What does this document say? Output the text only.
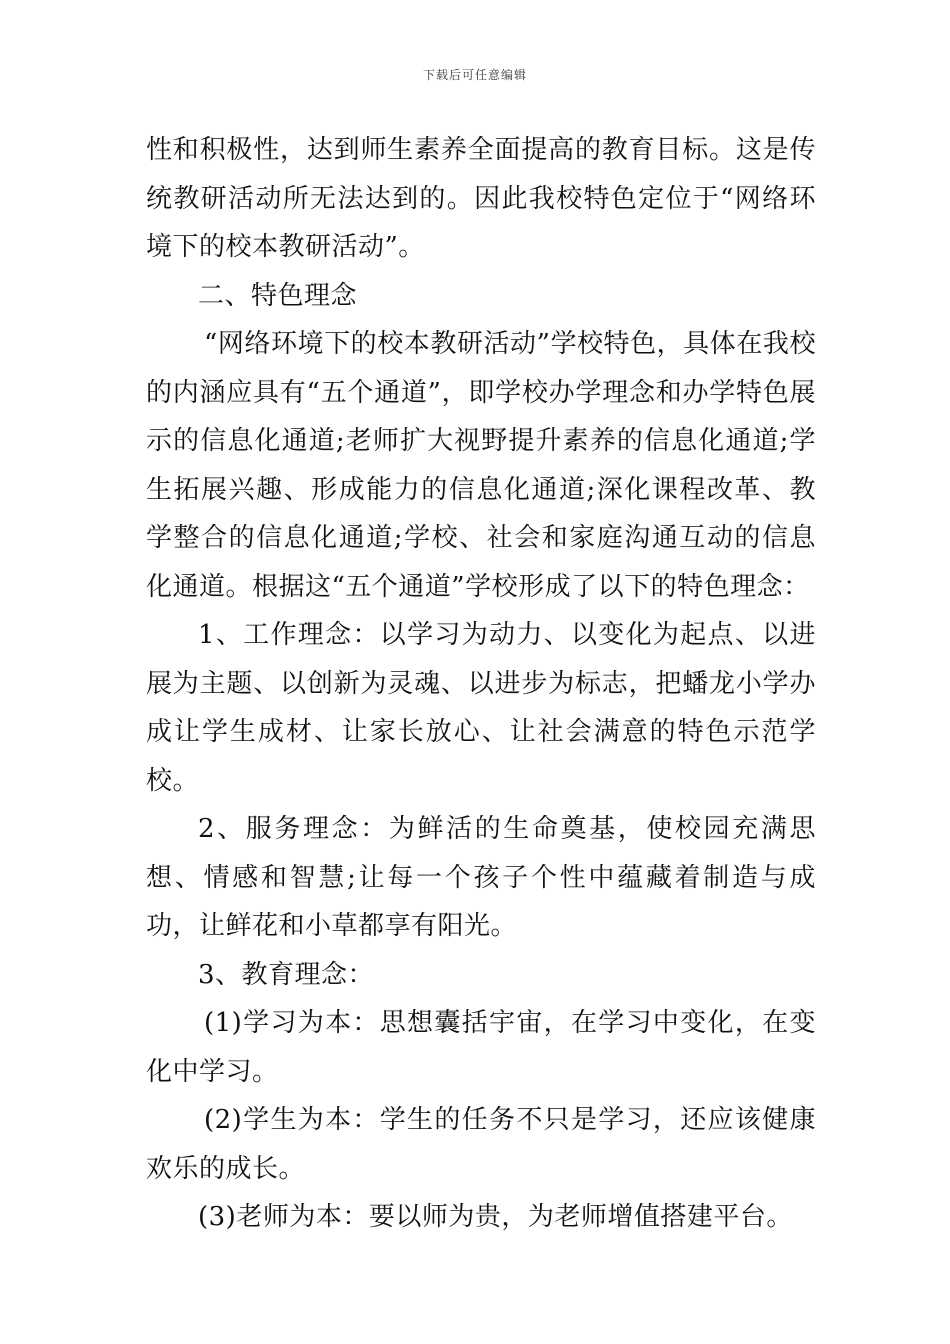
下载后可任意编辑

性和积极性，达到师生素养全面提高的教育目标。这是传统教研活动所无法达到的。因此我校特色定位于“网络环境下的校本教研活动”。

二、特色理念

“网络环境下的校本教研活动”学校特色，具体在我校的内涵应具有“五个通道”，即学校办学理念和办学特色展示的信息化通道;老师扩大视野提升素养的信息化通道;学生拓展兴趣、形成能力的信息化通道;深化课程改革、教学整合的信息化通道;学校、社会和家庭沟通互动的信息化通道。根据这“五个通道”学校形成了以下的特色理念：

1、工作理念：以学习为动力、以变化为起点、以进展为主题、以创新为灵魂、以进步为标志，把蟠龙小学办成让学生成材、让家长放心、让社会满意的特色示范学校。

2、服务理念：为鲜活的生命奠基，使校园充满思想、情感和智慧;让每一个孩子个性中蕴藏着制造与成功，让鲜花和小草都享有阳光。

3、教育理念：

(1)学习为本：思想囊括宇宙，在学习中变化，在变化中学习。

(2)学生为本：学生的任务不只是学习，还应该健康欢乐的成长。

(3)老师为本：要以师为贵，为老师增值搭建平台。
